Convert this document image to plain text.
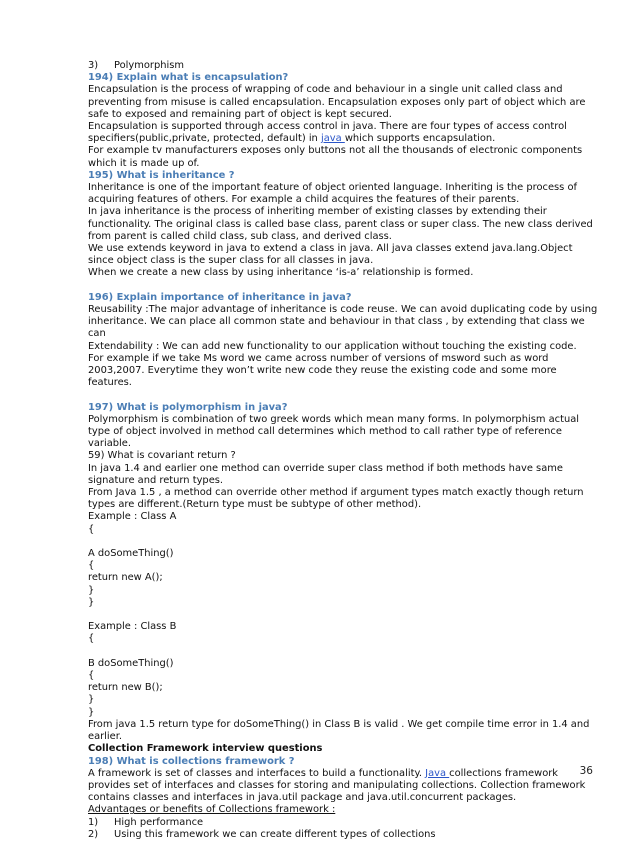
3) Polymorphism

194) Explain what is encapsulation?

Encapsulation is the process of wrapping of code and behaviour in a single unit called class and preventing from misuse is called encapsulation. Encapsulation exposes only part of object which are safe to exposed and remaining part of object is kept secured.

Encapsulation is supported through access control in java. There are four types of access control specifiers(public,private, protected, default) in java which supports encapsulation.

For example tv manufacturers exposes only buttons not all the thousands of electronic components which it is made up of.

195) What is inheritance ?

Inheritance is one of the important feature of object oriented language. Inheriting is the process of acquiring features of others. For example a child acquires the features of their parents.

In java inheritance is the process of inheriting member of existing classes by extending their functionality. The original class is called base class, parent class or super class. The new class derived from parent is called child class, sub class, and derived class.

We use extends keyword in java to extend a class in java. All java classes extend java.lang.Object since object class is the super class for all classes in java.

When we create a new class by using inheritance ‘is-a’ relationship is formed.

196) Explain importance of inheritance in java?

Reusability :The major advantage of inheritance is code reuse. We can avoid duplicating code by using inheritance. We can place all common state and behaviour in that class , by extending that class we can

Extendability : We can add new functionality to our application without touching the existing code.

For example if we take Ms word we came across number of versions of msword such as word 2003,2007. Everytime they won’t write new code they reuse the existing code and some more features.

197) What is polymorphism in java?

Polymorphism is combination of two greek words which mean many forms. In polymorphism actual type of object involved in method call determines which method to call rather type of reference variable.

59) What is covariant return ?

In java 1.4 and earlier one method can override super class method if both methods have same signature and return types.

From Java 1.5 , a method can override other method if argument types match exactly though return types are different.(Return type must be subtype of other method).

Example : Class A

{

A doSomeThing()

{

return new A();

}

}

Example : Class B

{

B doSomeThing()

{

return new B();

}

}

From java 1.5 return type for doSomeThing() in Class B is valid . We get compile time error in 1.4 and earlier.

Collection Framework interview questions

198) What is collections framework ?

A framework is set of classes and interfaces to build a functionality. Java collections framework provides set of interfaces and classes for storing and manipulating collections. Collection framework contains classes and interfaces in java.util package and java.util.concurrent packages.

Advantages or benefits of Collections framework :

1) High performance

2) Using this framework we can create different types of collections

36
